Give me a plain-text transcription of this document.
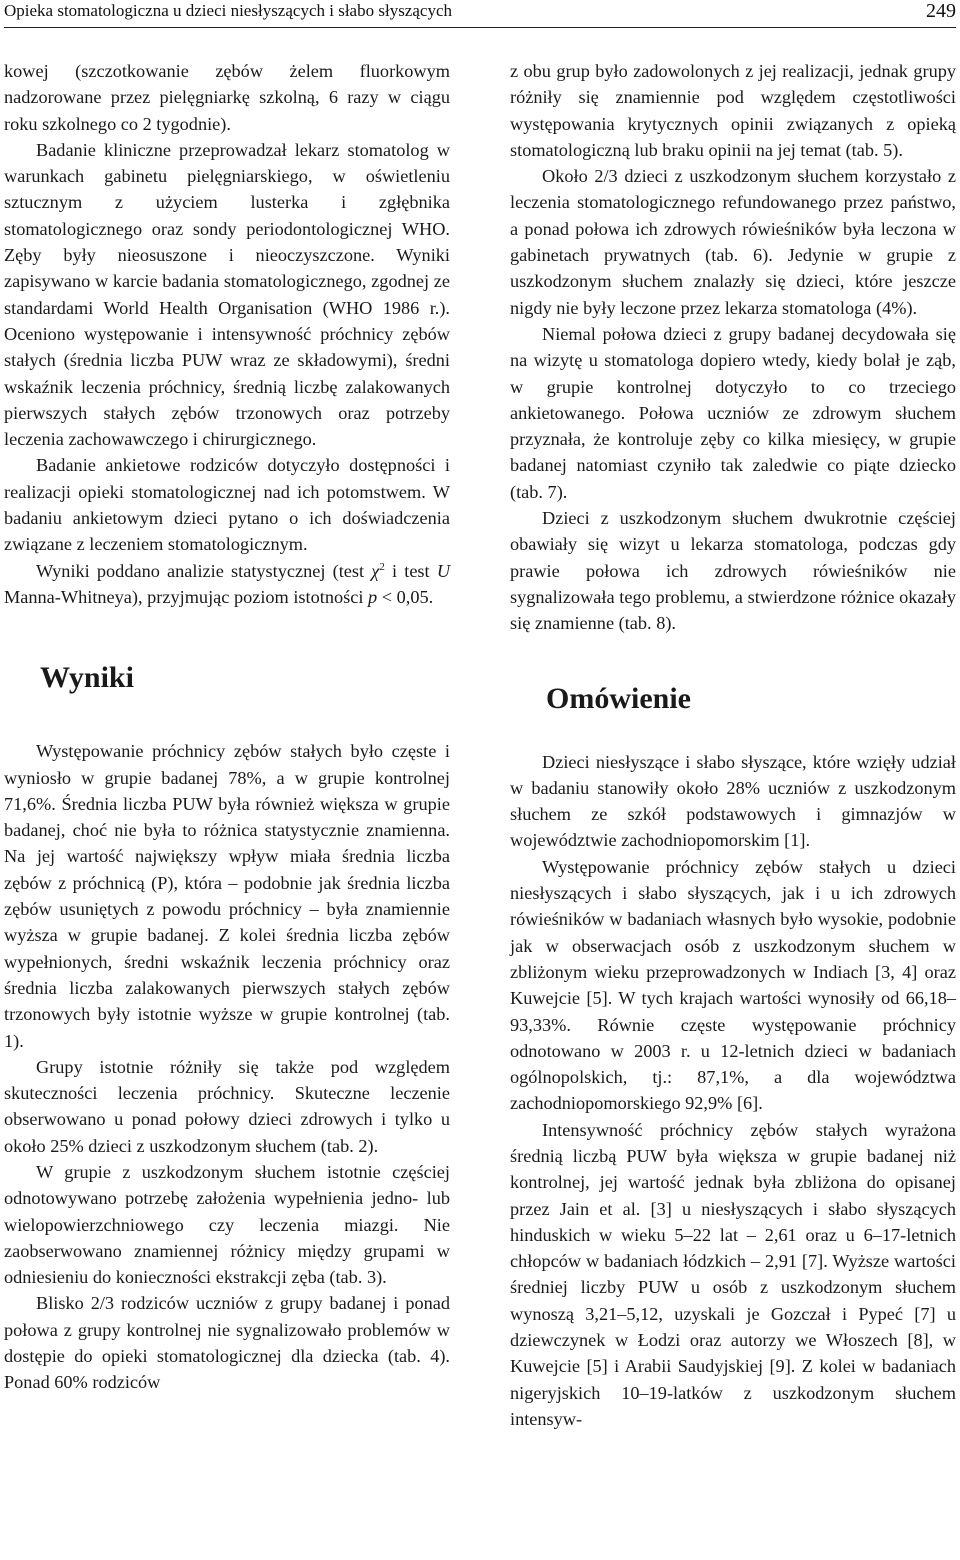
Opieka stomatologiczna u dzieci niesłyszących i słabo słyszących	249

kowej (szczotkowanie zębów żelem fluorkowym nadzorowane przez pielęgniarkę szkolną, 6 razy w ciągu roku szkolnego co 2 tygodnie).

Badanie kliniczne przeprowadzał lekarz stomatolog w warunkach gabinetu pielęgniarskiego, w oświetleniu sztucznym z użyciem lusterka i zgłębnika stomatologicznego oraz sondy periodontologicznej WHO. Zęby były nieosuszone i nieoczyszczone. Wyniki zapisywano w karcie badania stomatologicznego, zgodnej ze standardami World Health Organisation (WHO 1986 r.). Oceniono występowanie i intensywność próchnicy zębów stałych (średnia liczba PUW wraz ze składowymi), średni wskaźnik leczenia próchnicy, średnią liczbę zalakowanych pierwszych stałych zębów trzonowych oraz potrzeby leczenia zachowawczego i chirurgicznego.

Badanie ankietowe rodziców dotyczyło dostępności i realizacji opieki stomatologicznej nad ich potomstwem. W badaniu ankietowym dzieci pytano o ich doświadczenia związane z leczeniem stomatologicznym.

Wyniki poddano analizie statystycznej (test $\chi^2$ i test U Manna-Whitneya), przyjmując poziom istotności p < 0,05.

Wyniki

Występowanie próchnicy zębów stałych było częste i wyniosło w grupie badanej 78%, a w grupie kontrolnej 71,6%. Średnia liczba PUW była również większa w grupie badanej, choć nie była to różnica statystycznie znamienna. Na jej wartość największy wpływ miała średnia liczba zębów z próchnicą (P), która – podobnie jak średnia liczba zębów usuniętych z powodu próchnicy – była znamiennie wyższa w grupie badanej. Z kolei średnia liczba zębów wypełnionych, średni wskaźnik leczenia próchnicy oraz średnia liczba zalakowanych pierwszych stałych zębów trzonowych były istotnie wyższe w grupie kontrolnej (tab. 1).

Grupy istotnie różniły się także pod względem skuteczności leczenia próchnicy. Skuteczne leczenie obserwowano u ponad połowy dzieci zdrowych i tylko u około 25% dzieci z uszkodzonym słuchem (tab. 2).

W grupie z uszkodzonym słuchem istotnie częściej odnotowywano potrzebę założenia wypełnienia jedno- lub wielopowierzchniowego czy leczenia miazgi. Nie zaobserwowano znamiennej różnicy między grupami w odniesieniu do konieczności ekstrakcji zęba (tab. 3).

Blisko 2/3 rodziców uczniów z grupy badanej i ponad połowa z grupy kontrolnej nie sygnalizowało problemów w dostępie do opieki stomatologicznej dla dziecka (tab. 4). Ponad 60% rodziców

z obu grup było zadowolonych z jej realizacji, jednak grupy różniły się znamiennie pod względem częstotliwości występowania krytycznych opinii związanych z opieką stomatologiczną lub braku opinii na jej temat (tab. 5).

Około 2/3 dzieci z uszkodzonym słuchem korzystało z leczenia stomatologicznego refundowanego przez państwo, a ponad połowa ich zdrowych rówieśników była leczona w gabinetach prywatnych (tab. 6). Jedynie w grupie z uszkodzonym słuchem znalazły się dzieci, które jeszcze nigdy nie były leczone przez lekarza stomatologa (4%).

Niemal połowa dzieci z grupy badanej decydowała się na wizytę u stomatologa dopiero wtedy, kiedy bolał je ząb, w grupie kontrolnej dotyczyło to co trzeciego ankietowanego. Połowa uczniów ze zdrowym słuchem przyznała, że kontroluje zęby co kilka miesięcy, w grupie badanej natomiast czyniło tak zaledwie co piąte dziecko (tab. 7).

Dzieci z uszkodzonym słuchem dwukrotnie częściej obawiały się wizyt u lekarza stomatologa, podczas gdy prawie połowa ich zdrowych rówieśników nie sygnalizowała tego problemu, a stwierdzone różnice okazały się znamienne (tab. 8).

Omówienie

Dzieci niesłyszące i słabo słyszące, które wzięły udział w badaniu stanowiły około 28% uczniów z uszkodzonym słuchem ze szkół podstawowych i gimnazjów w województwie zachodniopomorskim [1].

Występowanie próchnicy zębów stałych u dzieci niesłyszących i słabo słyszących, jak i u ich zdrowych rówieśników w badaniach własnych było wysokie, podobnie jak w obserwacjach osób z uszkodzonym słuchem w zbliżonym wieku przeprowadzonych w Indiach [3, 4] oraz Kuwejcie [5]. W tych krajach wartości wynosiły od 66,18–93,33%. Równie częste występowanie próchnicy odnotowano w 2003 r. u 12-letnich dzieci w badaniach ogólnopolskich, tj.: 87,1%, a dla województwa zachodniopomorskiego 92,9% [6].

Intensywność próchnicy zębów stałych wyrażona średnią liczbą PUW była większa w grupie badanej niż kontrolnej, jej wartość jednak była zbliżona do opisanej przez Jain et al. [3] u niesłyszących i słabo słyszących hinduskich w wieku 5–22 lat – 2,61 oraz u 6–17-letnich chłopców w badaniach łódzkich – 2,91 [7]. Wyższe wartości średniej liczby PUW u osób z uszkodzonym słuchem wynoszą 3,21–5,12, uzyskali je Gozczał i Pypeć [7] u dziewczynek w Łodzi oraz autorzy we Włoszech [8], w Kuwejcie [5] i Arabii Saudyjskiej [9]. Z kolei w badaniach nigeryjskich 10–19-latków z uszkodzonym słuchem intensyw-
